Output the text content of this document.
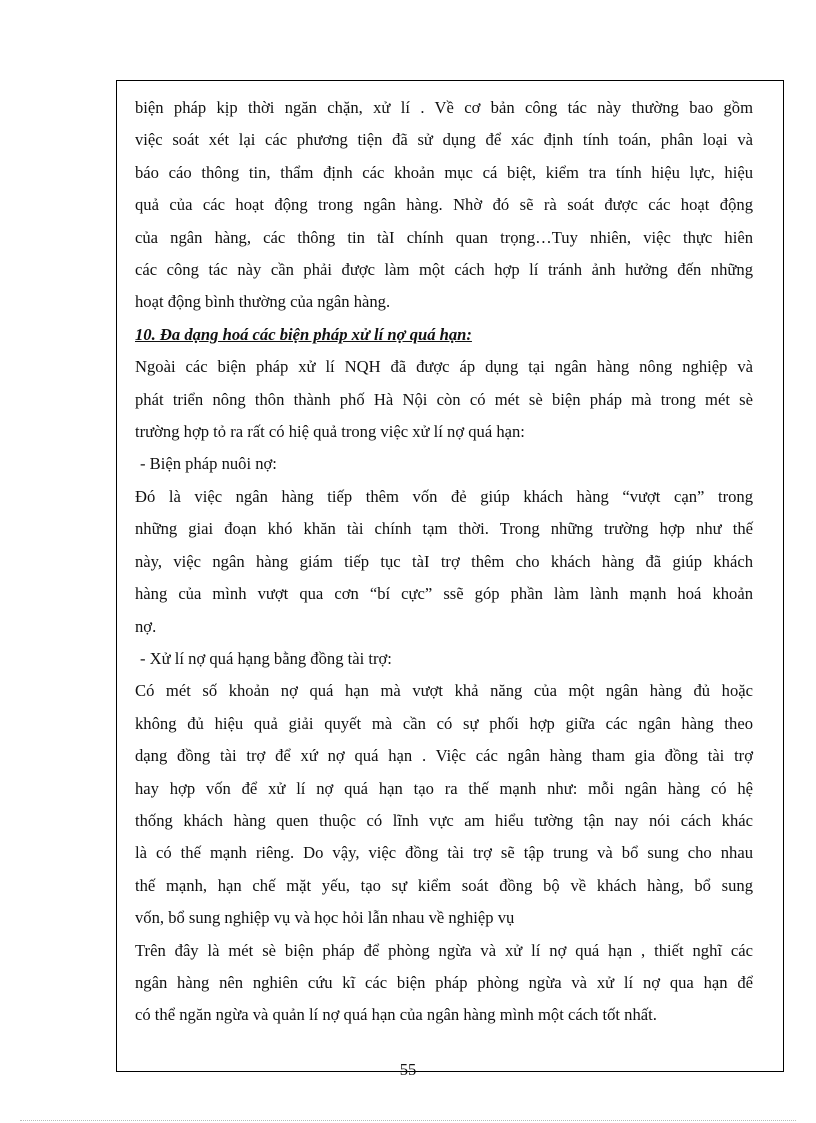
biện pháp kịp thời ngăn chặn, xử lí . Về cơ bản công tác này thường bao gồm

việc soát xét lại các phương tiện đã sử dụng để xác định tính toán, phân loại và

báo cáo thông tin, thẩm định các khoản mục cá biệt, kiểm tra tính hiệu lực, hiệu

quả của các hoạt động trong ngân hàng. Nhờ đó sẽ rà soát được các hoạt động

của ngân hàng, các thông tin tàI chính quan trọng…Tuy nhiên, việc thực hiên

các công tác này cần phải được làm một cách hợp lí tránh ảnh hưởng đến những

hoạt động bình thường của ngân hàng.

10. Đa dạng hoá các biện pháp xử lí nợ quá hạn:

Ngoài các biện pháp xử lí NQH đã được áp dụng tại ngân hàng nông nghiệp và

phát triển nông thôn thành phố Hà Nội còn có mét sè biện pháp mà trong mét sè

trường hợp tỏ ra rất có hiệ quả trong việc xử lí nợ quá hạn:

- Biện pháp nuôi nợ:

Đó là việc ngân hàng tiếp thêm vốn đẻ giúp khách hàng “vượt cạn” trong

những giai đoạn khó khăn tài chính tạm thời. Trong những trường hợp như thế

này, việc ngân hàng giám tiếp tục tàI trợ thêm cho khách hàng đã giúp khách

hàng của mình vượt qua cơn “bí cực” ssẽ góp phần làm lành mạnh hoá khoản

nợ.

- Xử lí nợ quá hạng bằng đồng tài trợ:

Có mét số khoản nợ quá hạn mà vượt khả năng của một ngân hàng đủ hoặc

không đủ hiệu quả giải quyết mà cần có sự phối hợp giữa các ngân hàng theo

dạng đồng tài trợ để xứ nợ quá hạn . Việc các ngân hàng tham gia đồng tài trợ

hay hợp vốn để xử lí nợ quá hạn tạo ra thế mạnh như: mỗi ngân hàng có hệ

thống khách hàng quen thuộc có lĩnh vực am hiểu tường tận nay nói cách khác

là có thế mạnh riêng. Do vậy, việc đồng tài trợ sẽ tập trung và bổ sung cho nhau

thế mạnh, hạn chế mặt yếu, tạo sự kiểm soát đồng bộ về khách hàng, bổ sung

vốn, bổ sung nghiệp vụ và học hỏi lẫn nhau về nghiệp vụ

Trên đây là mét sè biện pháp để phòng ngừa và xử lí nợ quá hạn , thiết nghĩ các

ngân hàng nên nghiên cứu kĩ các biện pháp phòng ngừa và xử lí nợ qua hạn để

có thể ngăn ngừa và quản lí nợ quá hạn của ngân hàng mình một cách tốt nhất.

55
